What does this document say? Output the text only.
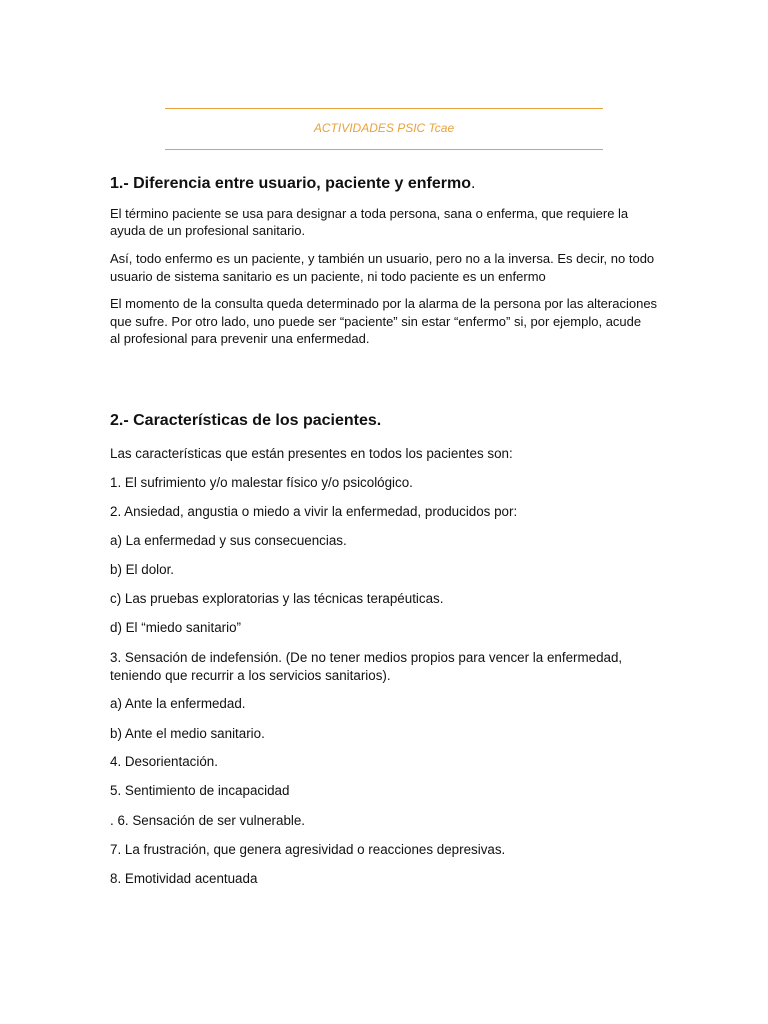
ACTIVIDADES PSIC Tcae
1.- Diferencia entre usuario, paciente y enfermo.
El término paciente se usa para designar a toda persona, sana o enferma, que requiere la
ayuda de un profesional sanitario.
Así, todo enfermo es un paciente, y también un usuario, pero no a la inversa. Es decir, no todo
usuario de sistema sanitario es un paciente, ni todo paciente es un enfermo
El momento de la consulta queda determinado por la alarma de la persona por las alteraciones
que sufre. Por otro lado, uno puede ser “paciente” sin estar “enfermo” si, por ejemplo, acude
al profesional para prevenir una enfermedad.
2.- Características de los pacientes.
Las características que están presentes en todos los pacientes son:
1. El sufrimiento y/o malestar físico y/o psicológico.
2. Ansiedad, angustia o miedo a vivir la enfermedad, producidos por:
a) La enfermedad y sus consecuencias.
b) El dolor.
c) Las pruebas exploratorias y las técnicas terapéuticas.
d) El “miedo sanitario”
3. Sensación de indefensión. (De no tener medios propios para vencer la enfermedad,
teniendo que recurrir a los servicios sanitarios).
a) Ante la enfermedad.
b) Ante el medio sanitario.
4. Desorientación.
5. Sentimiento de incapacidad
. 6. Sensación de ser vulnerable.
7. La frustración, que genera agresividad o reacciones depresivas.
8. Emotividad acentuada
